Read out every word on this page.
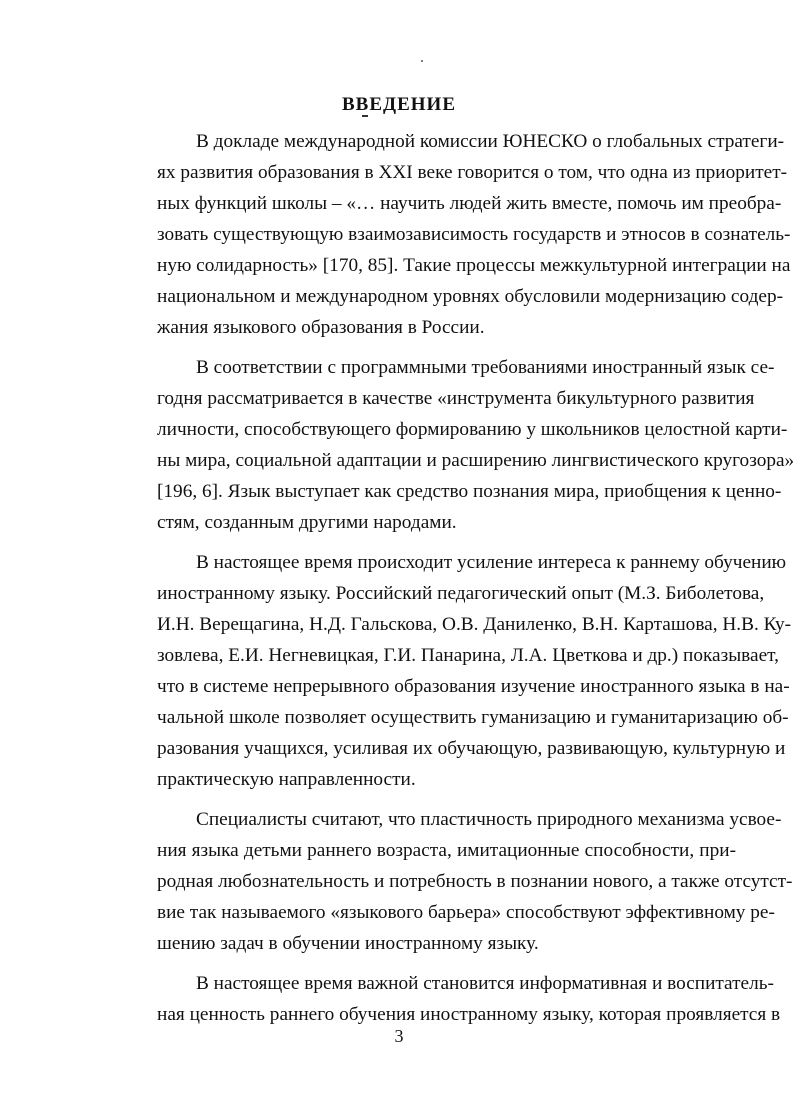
ВВЕДЕНИЕ
В докладе международной комиссии ЮНЕСКО о глобальных стратеги-
ях развития образования в XXI веке говорится о том, что одна из приоритет-
ных функций школы – «… научить людей жить вместе, помочь им преобра-
зовать существующую взаимозависимость государств и этносов в сознатель-
ную солидарность» [170, 85]. Такие процессы межкультурной интеграции на
национальном и международном уровнях обусловили модернизацию содер-
жания языкового образования в России.
В соответствии с программными требованиями иностранный язык се-
годня рассматривается в качестве «инструмента бикультурного развития
личности, способствующего формированию у школьников целостной карти-
ны мира, социальной адаптации и расширению лингвистического кругозора»
[196, 6]. Язык выступает как средство познания мира, приобщения к ценно-
стям, созданным другими народами.
В настоящее время происходит усиление интереса к раннему обучению
иностранному языку. Российский педагогический опыт (М.З. Биболетова,
И.Н. Верещагина, Н.Д. Гальскова, О.В. Даниленко, В.Н. Карташова, Н.В. Ку-
зовлева, Е.И. Негневицкая, Г.И. Панарина, Л.А. Цветкова и др.) показывает,
что в системе непрерывного образования изучение иностранного языка в на-
чальной школе позволяет осуществить гуманизацию и гуманитаризацию об-
разования учащихся, усиливая их обучающую, развивающую, культурную и
практическую направленности.
Специалисты считают, что пластичность природного механизма усвое-
ния языка детьми раннего возраста, имитационные способности, при-
родная любознательность и потребность в познании нового, а также отсутст-
вие так называемого «языкового барьера» способствуют эффективному ре-
шению задач в обучении иностранному языку.
В настоящее время важной становится информативная и воспитатель-
ная ценность раннего обучения иностранному языку, которая проявляется в
3
